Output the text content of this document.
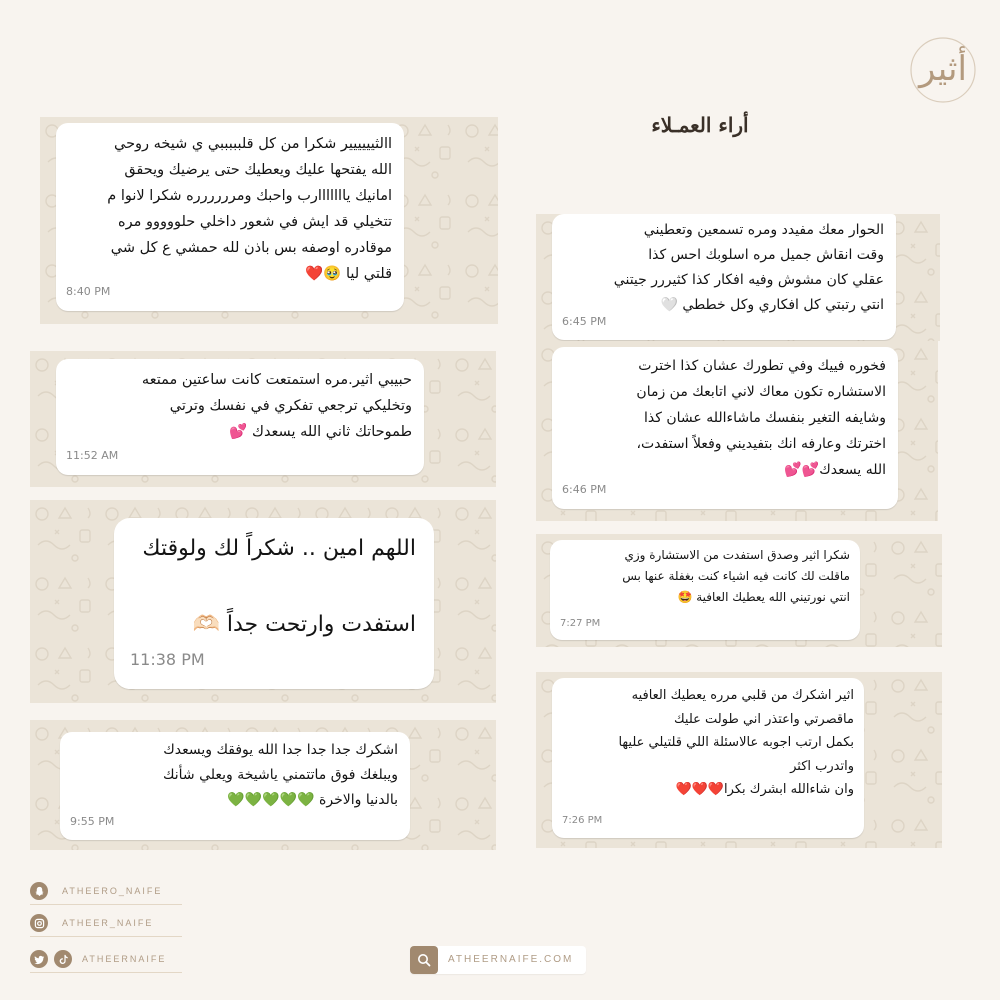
أثير
أراء العمـلاء
االثيييييير شكرا من كل قلبببببي ي شيخه روحي
الله يفتحها عليك ويعطيك حتى يرضيك ويحقق
امانيك يااااااارب واحبك ومرررررره شكرا لانوا م
تتخيلي قد ايش في شعور داخلي حلووووو مره
موقادره اوصفه بس باذن لله حمشي ع كل شي
قلتي ليا 🥹❤️
8:40 PM
الحوار معك مفيدد ومره تسمعين وتعطيني
وقت انقاش جميل مره اسلوبك احس كذا
عقلي كان مشوش وفيه افكار كذا كثيررر جيتني
انتي رتبتي كل افكاري وكل خططي 🤍
6:45 PM
حبيبي اثير.مره استمتعت كانت ساعتين ممتعه
وتخليكي ترجعي تفكري في نفسك وترتي
طموحاتك ثاني الله يسعدك 💕
11:52 AM
فخوره فييك وفي تطورك عشان كذا اخترت
الاستشاره تكون معاك لاني اتابعك من زمان
وشايفه التغير بنفسك ماشاءالله عشان كذا
اخترتك وعارفه انك بتفيديني وفعلاً استفدت،
الله يسعدك💕💕
6:46 PM
اللهم امين .. شكراً لك ولوقتك

استفدت وارتحت جداً 🫶🏻
11:38 PM
شكرا اثير وصدق استفدت من الاستشارة وزي
ماقلت لك كانت فيه اشياء كنت بغفلة عنها بس
انتي نورتيني الله يعطيك العافية 🤩
7:27 PM
اثير اشكرك من قلبي مرره يعطيك العافيه
ماقصرتي واعتذر اني طولت عليك
بكمل ارتب اجوبه عالاسئلة اللي قلتيلي عليها
واتدرب اكثر
وان شاءالله ابشرك بكرا❤️❤️❤️
7:26 PM
اشكرك جدا جدا جدا الله يوفقك ويسعدك
ويبلغك فوق ماتتمني ياشيخة ويعلي شأنك
بالدنيا والاخرة 💚💚💚💚💚
9:55 PM
ATHEERO_NAIFE
ATHEER_NAIFE
ATHEERNAIFE	ATHEERNAIFE.COM
